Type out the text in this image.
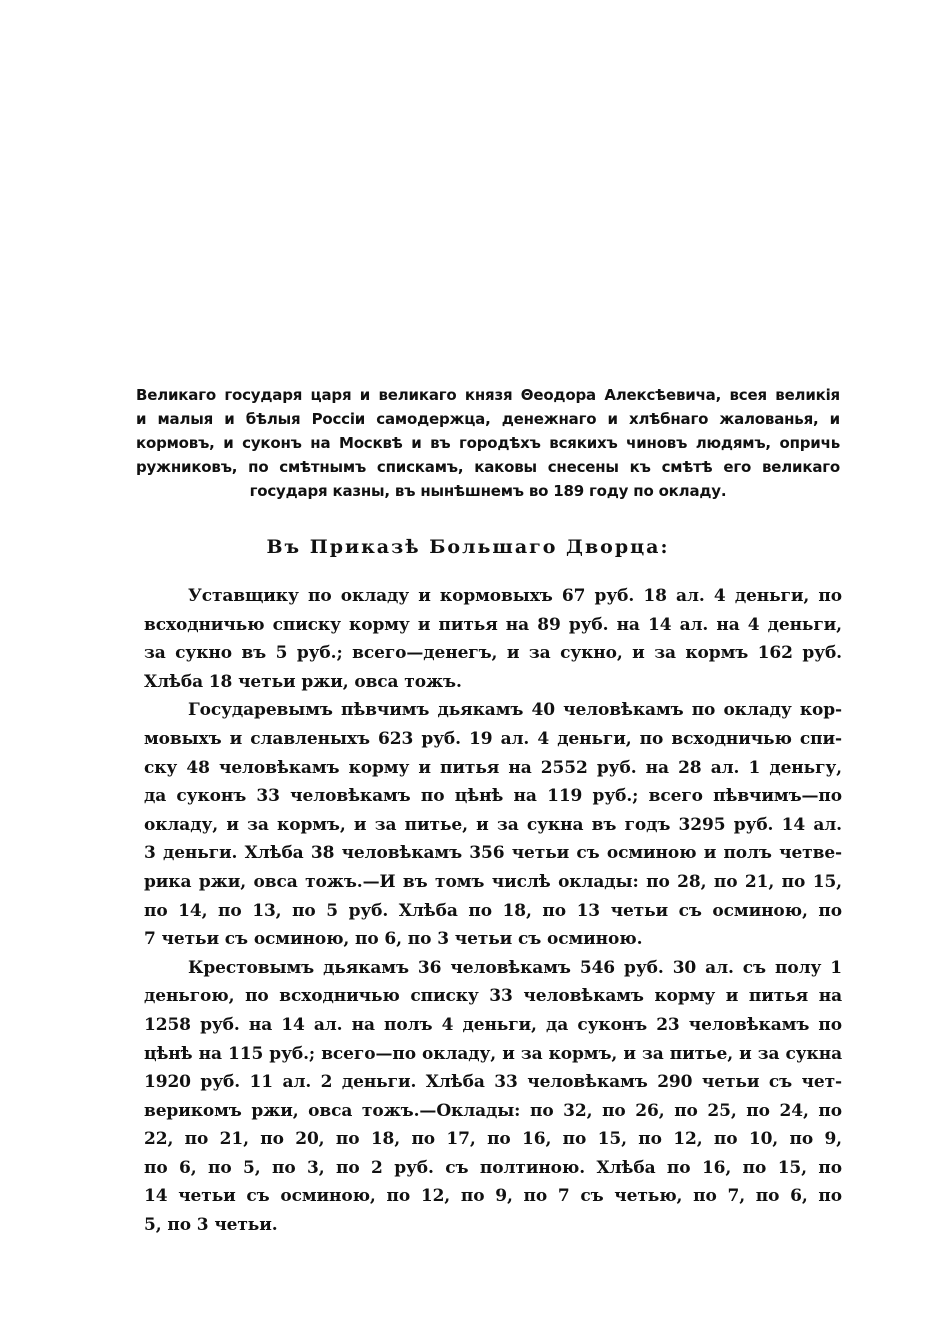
Великаго государя царя и великаго князя Θеодора Алексѣевича, всея великія
и малыя и бѣлыя Россіи самодержца, денежнаго и хлѣбнаго жалованья, и
кормовъ, и суконъ на Москвѣ и въ городѣхъ всякихъ чиновъ людямъ, опричь
ружниковъ, по смѣтнымъ спискамъ, каковы снесены къ смѣтѣ его великаго
государя казны, въ нынѣшнемъ во 189 году по окладу.
Въ Приказѣ Большаго Дворца:
Уставщику по окладу и кормовыхъ 67 руб. 18 ал. 4 деньги, по
всходничью списку корму и питья на 89 руб. на 14 ал. на 4 деньги,
за сукно въ 5 руб.; всего—денегъ, и за сукно, и за кормъ 162 руб.
Хлѣба 18 четьи ржи, овса тожъ.
Государевымъ пѣвчимъ дьякамъ 40 человѣкамъ по окладу кор-
мовыхъ и славленыхъ 623 руб. 19 ал. 4 деньги, по всходничью спи-
ску 48 человѣкамъ корму и питья на 2552 руб. на 28 ал. 1 деньгу,
да суконъ 33 человѣкамъ по цѣнѣ на 119 руб.; всего пѣвчимъ—по
окладу, и за кормъ, и за питье, и за сукна въ годъ 3295 руб. 14 ал.
3 деньги. Хлѣба 38 человѣкамъ 356 четьи съ осминою и полъ четве-
рика ржи, овса тожъ.—И въ томъ числѣ оклады: по 28, по 21, по 15,
по 14, по 13, по 5 руб. Хлѣба по 18, по 13 четьи съ осминою, по
7 четьи съ осминою, по 6, по 3 четьи съ осминою.
Крестовымъ дьякамъ 36 человѣкамъ 546 руб. 30 ал. съ полу 1
деньгою, по всходничью списку 33 человѣкамъ корму и питья на
1258 руб. на 14 ал. на полъ 4 деньги, да суконъ 23 человѣкамъ по
цѣнѣ на 115 руб.; всего—по окладу, и за кормъ, и за питье, и за сукна
1920 руб. 11 ал. 2 деньги. Хлѣба 33 человѣкамъ 290 четьи съ чет-
верикомъ ржи, овса тожъ.—Оклады: по 32, по 26, по 25, по 24, по
22, по 21, по 20, по 18, по 17, по 16, по 15, по 12, по 10, по 9,
по 6, по 5, по 3, по 2 руб. съ полтиною. Хлѣба по 16, по 15, по
14 четьи съ осминою, по 12, по 9, по 7 съ четью, по 7, по 6, по
5, по 3 четьи.
